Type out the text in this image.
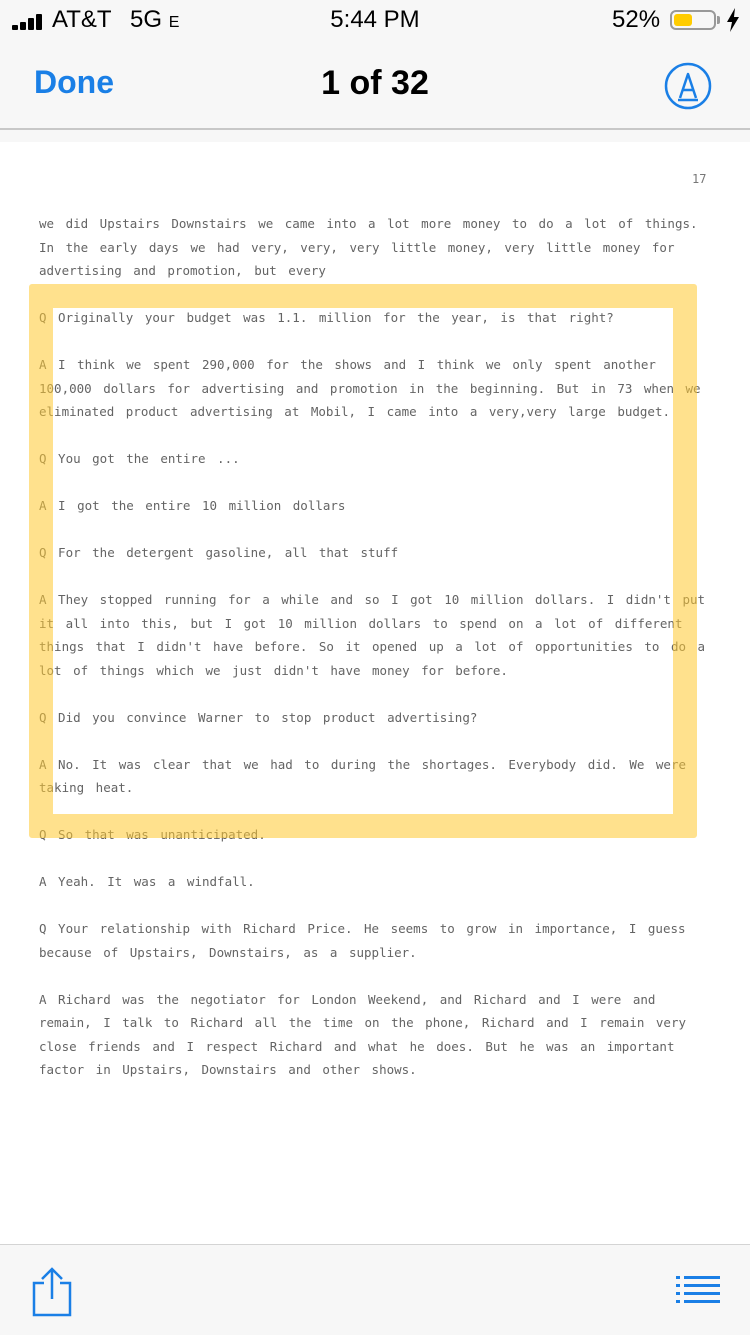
AT&T 5G E	5:44 PM	52%
Done	1 of 32
17

we did Upstairs Downstairs we came into a lot more money to do a lot of things. In the early days we had very, very, very little money, very little money for advertising and promotion, but every

Q Originally your budget was 1.1. million for the year, is that right?

A I think we spent 290,000 for the shows and I think we only spent another 100,000 dollars for advertising and promotion in the beginning. But in 73 when we eliminated product advertising at Mobil, I came into a very,very large budget.

Q You got the entire ...

A I got the entire 10 million dollars

Q For the detergent gasoline, all that stuff

A They stopped running for a while and so I got 10 million dollars. I didn't put it all into this, but I got 10 million dollars to spend on a lot of different things that I didn't have before. So it opened up a lot of opportunities to do a lot of things which we just didn't have money for before.

Q Did you convince Warner to stop product advertising?

A No. It was clear that we had to during the shortages. Everybody did. We were taking heat.

Q So that was unanticipated.

A Yeah. It was a windfall.

Q Your relationship with Richard Price. He seems to grow in importance, I guess because of Upstairs, Downstairs, as a supplier.

A Richard was the negotiator for London Weekend, and Richard and I were and remain, I talk to Richard all the time on the phone, Richard and I remain very close friends and I respect Richard and what he does. But he was an important factor in Upstairs, Downstairs and other shows.
